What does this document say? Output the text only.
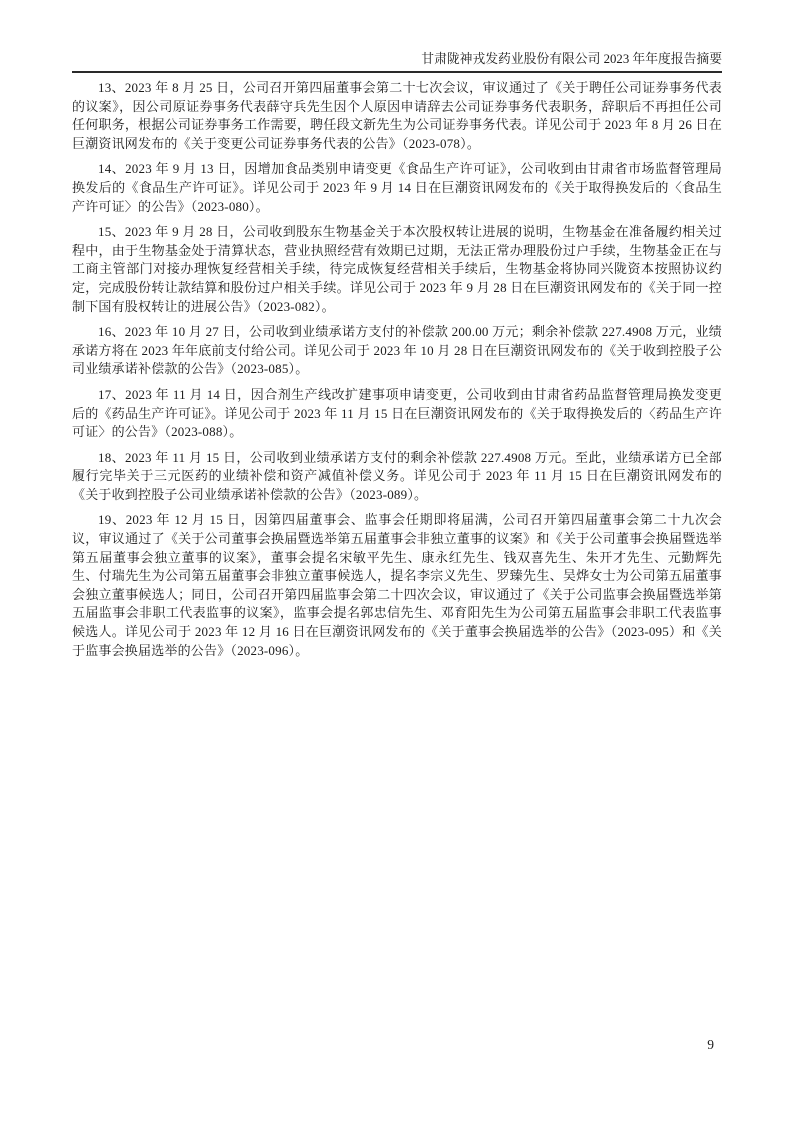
甘肃陇神戎发药业股份有限公司 2023 年年度报告摘要

13、2023 年 8 月 25 日，公司召开第四届董事会第二十七次会议，审议通过了《关于聘任公司证券事务代表的议案》，因公司原证券事务代表薛守兵先生因个人原因申请辞去公司证券事务代表职务，辞职后不再担任公司任何职务，根据公司证券事务工作需要，聘任段文新先生为公司证券事务代表。详见公司于 2023 年 8 月 26 日在巨潮资讯网发布的《关于变更公司证券事务代表的公告》（2023-078）。

14、2023 年 9 月 13 日，因增加食品类别申请变更《食品生产许可证》，公司收到由甘肃省市场监督管理局换发后的《食品生产许可证》。详见公司于 2023 年 9 月 14 日在巨潮资讯网发布的《关于取得换发后的〈食品生产许可证〉的公告》（2023-080）。

15、2023 年 9 月 28 日，公司收到股东生物基金关于本次股权转让进展的说明，生物基金在准备履约相关过程中，由于生物基金处于清算状态，营业执照经营有效期已过期，无法正常办理股份过户手续，生物基金正在与工商主管部门对接办理恢复经营相关手续，待完成恢复经营相关手续后，生物基金将协同兴陇资本按照协议约定，完成股份转让款结算和股份过户相关手续。详见公司于 2023 年 9 月 28 日在巨潮资讯网发布的《关于同一控制下国有股权转让的进展公告》（2023-082）。

16、2023 年 10 月 27 日，公司收到业绩承诺方支付的补偿款 200.00 万元；剩余补偿款 227.4908 万元，业绩承诺方将在 2023 年年底前支付给公司。详见公司于 2023 年 10 月 28 日在巨潮资讯网发布的《关于收到控股子公司业绩承诺补偿款的公告》（2023-085）。

17、2023 年 11 月 14 日，因合剂生产线改扩建事项申请变更，公司收到由甘肃省药品监督管理局换发变更后的《药品生产许可证》。详见公司于 2023 年 11 月 15 日在巨潮资讯网发布的《关于取得换发后的〈药品生产许可证〉的公告》（2023-088）。

18、2023 年 11 月 15 日，公司收到业绩承诺方支付的剩余补偿款 227.4908 万元。至此，业绩承诺方已全部履行完毕关于三元医药的业绩补偿和资产减值补偿义务。详见公司于 2023 年 11 月 15 日在巨潮资讯网发布的《关于收到控股子公司业绩承诺补偿款的公告》（2023-089）。

19、2023 年 12 月 15 日，因第四届董事会、监事会任期即将届满，公司召开第四届董事会第二十九次会议，审议通过了《关于公司董事会换届暨选举第五届董事会非独立董事的议案》和《关于公司董事会换届暨选举第五届董事会独立董事的议案》，董事会提名宋敏平先生、康永红先生、钱双喜先生、朱开才先生、元勤辉先生、付瑞先生为公司第五届董事会非独立董事候选人，提名李宗义先生、罗臻先生、吴烨女士为公司第五届董事会独立董事候选人；同日，公司召开第四届监事会第二十四次会议，审议通过了《关于公司监事会换届暨选举第五届监事会非职工代表监事的议案》，监事会提名郭忠信先生、邓育阳先生为公司第五届监事会非职工代表监事候选人。详见公司于 2023 年 12 月 16 日在巨潮资讯网发布的《关于董事会换届选举的公告》（2023-095）和《关于监事会换届选举的公告》（2023-096）。

9
